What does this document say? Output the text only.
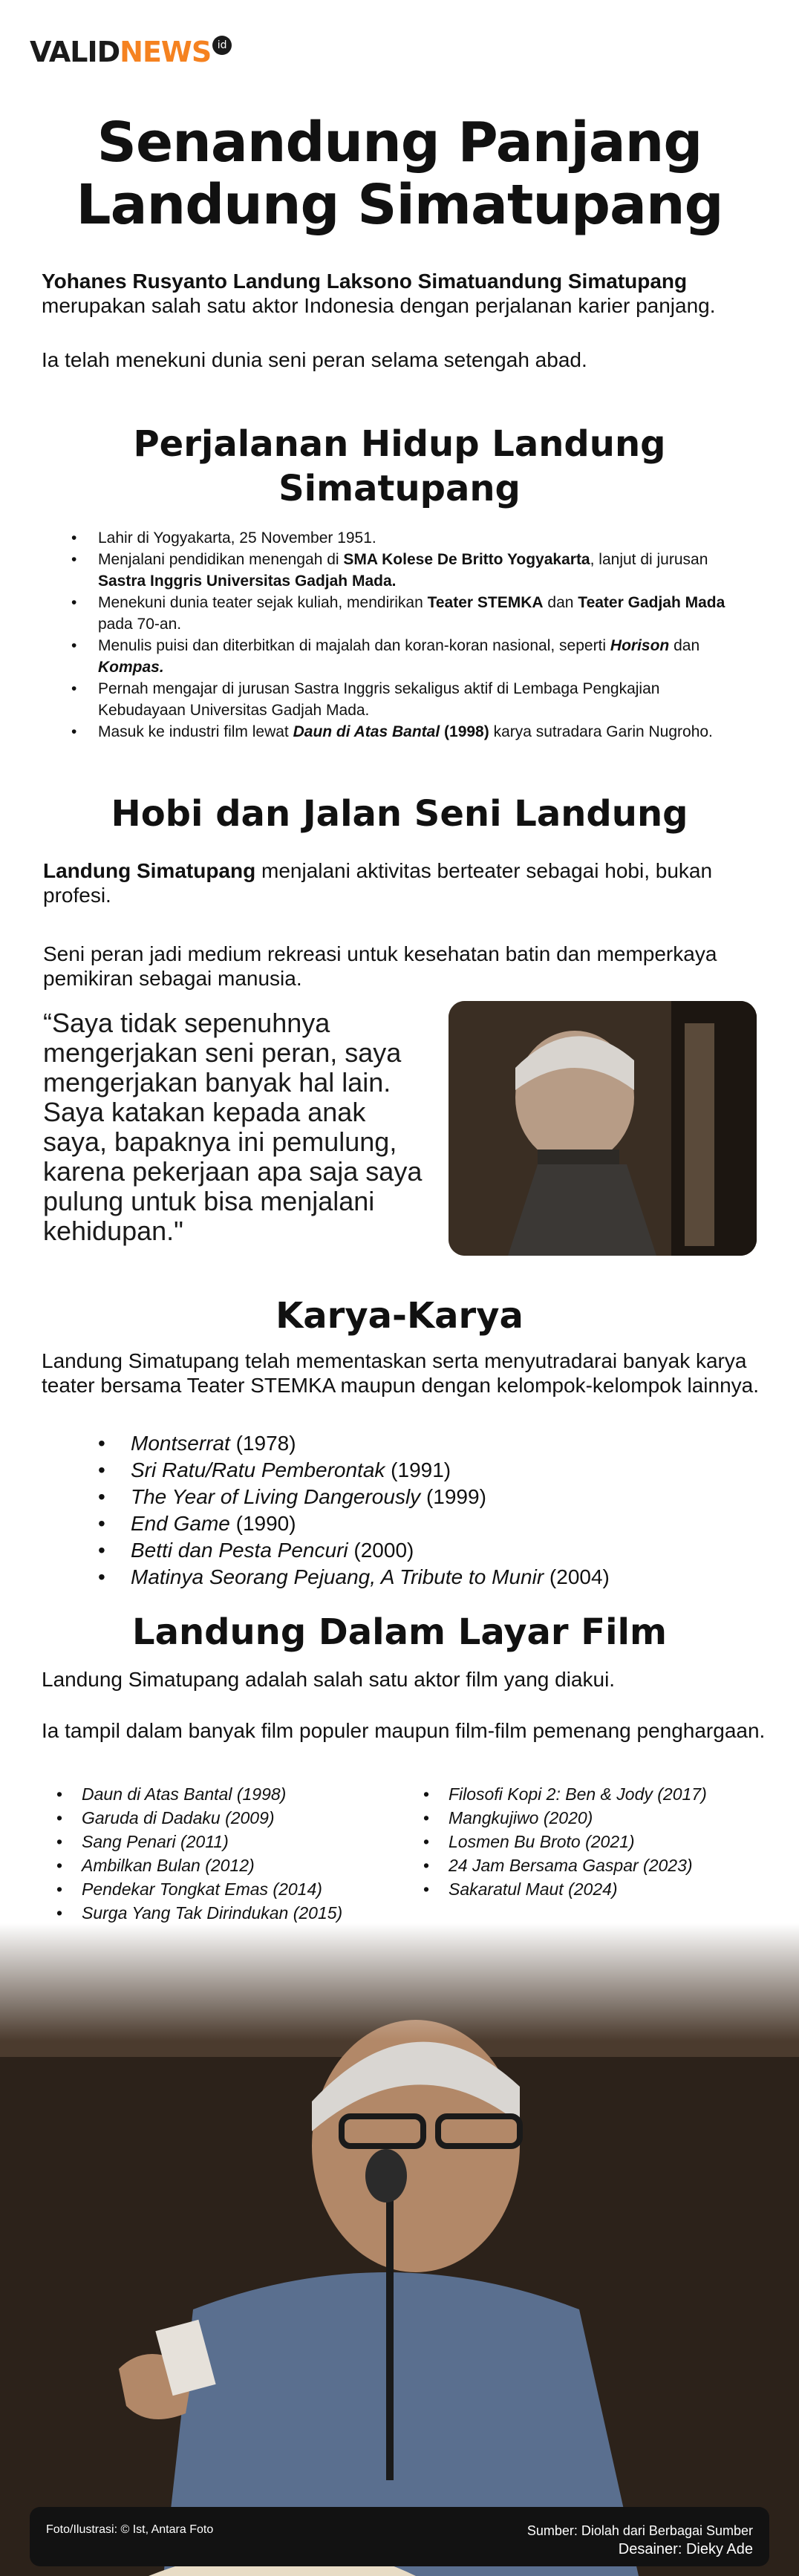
VALIDNEWS id
Senandung Panjang
Landung Simatupang

Yohanes Rusyanto Landung Laksono Simatuandung Simatupang merupakan salah satu aktor Indonesia dengan perjalanan karier panjang.

Ia telah menekuni dunia seni peran selama setengah abad.

Perjalanan Hidup Landung
Simatupang
• Lahir di Yogyakarta, 25 November 1951.
• Menjalani pendidikan menengah di SMA Kolese De Britto Yogyakarta, lanjut di jurusan Sastra Inggris Universitas Gadjah Mada.
• Menekuni dunia teater sejak kuliah, mendirikan Teater STEMKA dan Teater Gadjah Mada pada 70-an.
• Menulis puisi dan diterbitkan di majalah dan koran-koran nasional, seperti Horison dan Kompas.
• Pernah mengajar di jurusan Sastra Inggris sekaligus aktif di Lembaga Pengkajian Kebudayaan Universitas Gadjah Mada.
• Masuk ke industri film lewat Daun di Atas Bantal (1998) karya sutradara Garin Nugroho.
Hobi dan Jalan Seni Landung

Landung Simatupang menjalani aktivitas berteater sebagai hobi, bukan profesi.

Seni peran jadi medium rekreasi untuk kesehatan batin dan memperkaya pemikiran sebagai manusia.

“Saya tidak sepenuhnya mengerjakan seni peran, saya mengerjakan banyak hal lain. Saya katakan kepada anak saya, bapaknya ini pemulung, karena pekerjaan apa saja saya pulung untuk bisa menjalani kehidupan."
Karya-Karya

Landung Simatupang telah mementaskan serta menyutradarai banyak karya teater bersama Teater STEMKA maupun dengan kelompok-kelompok lainnya.

• Montserrat (1978)
• Sri Ratu/Ratu Pemberontak (1991)
• The Year of Living Dangerously (1999)
• End Game (1990)
• Betti dan Pesta Pencuri (2000)
• Matinya Seorang Pejuang, A Tribute to Munir (2004)
Landung Dalam Layar Film

Landung Simatupang adalah salah satu aktor film yang diakui.

Ia tampil dalam banyak film populer maupun film-film pemenang penghargaan.

• Daun di Atas Bantal (1998)
• Garuda di Dadaku (2009)
• Sang Penari (2011)
• Ambilkan Bulan (2012)
• Pendekar Tongkat Emas (2014)
• Surga Yang Tak Dirindukan (2015)
• Filosofi Kopi 2: Ben & Jody (2017)
• Mangkujiwo (2020)
• Losmen Bu Broto (2021)
• 24 Jam Bersama Gaspar (2023)
• Sakaratul Maut (2024)
Foto/Ilustrasi: © Ist, Antara Foto	Sumber: Diolah dari Berbagai Sumber
Desainer: Dieky Ade
